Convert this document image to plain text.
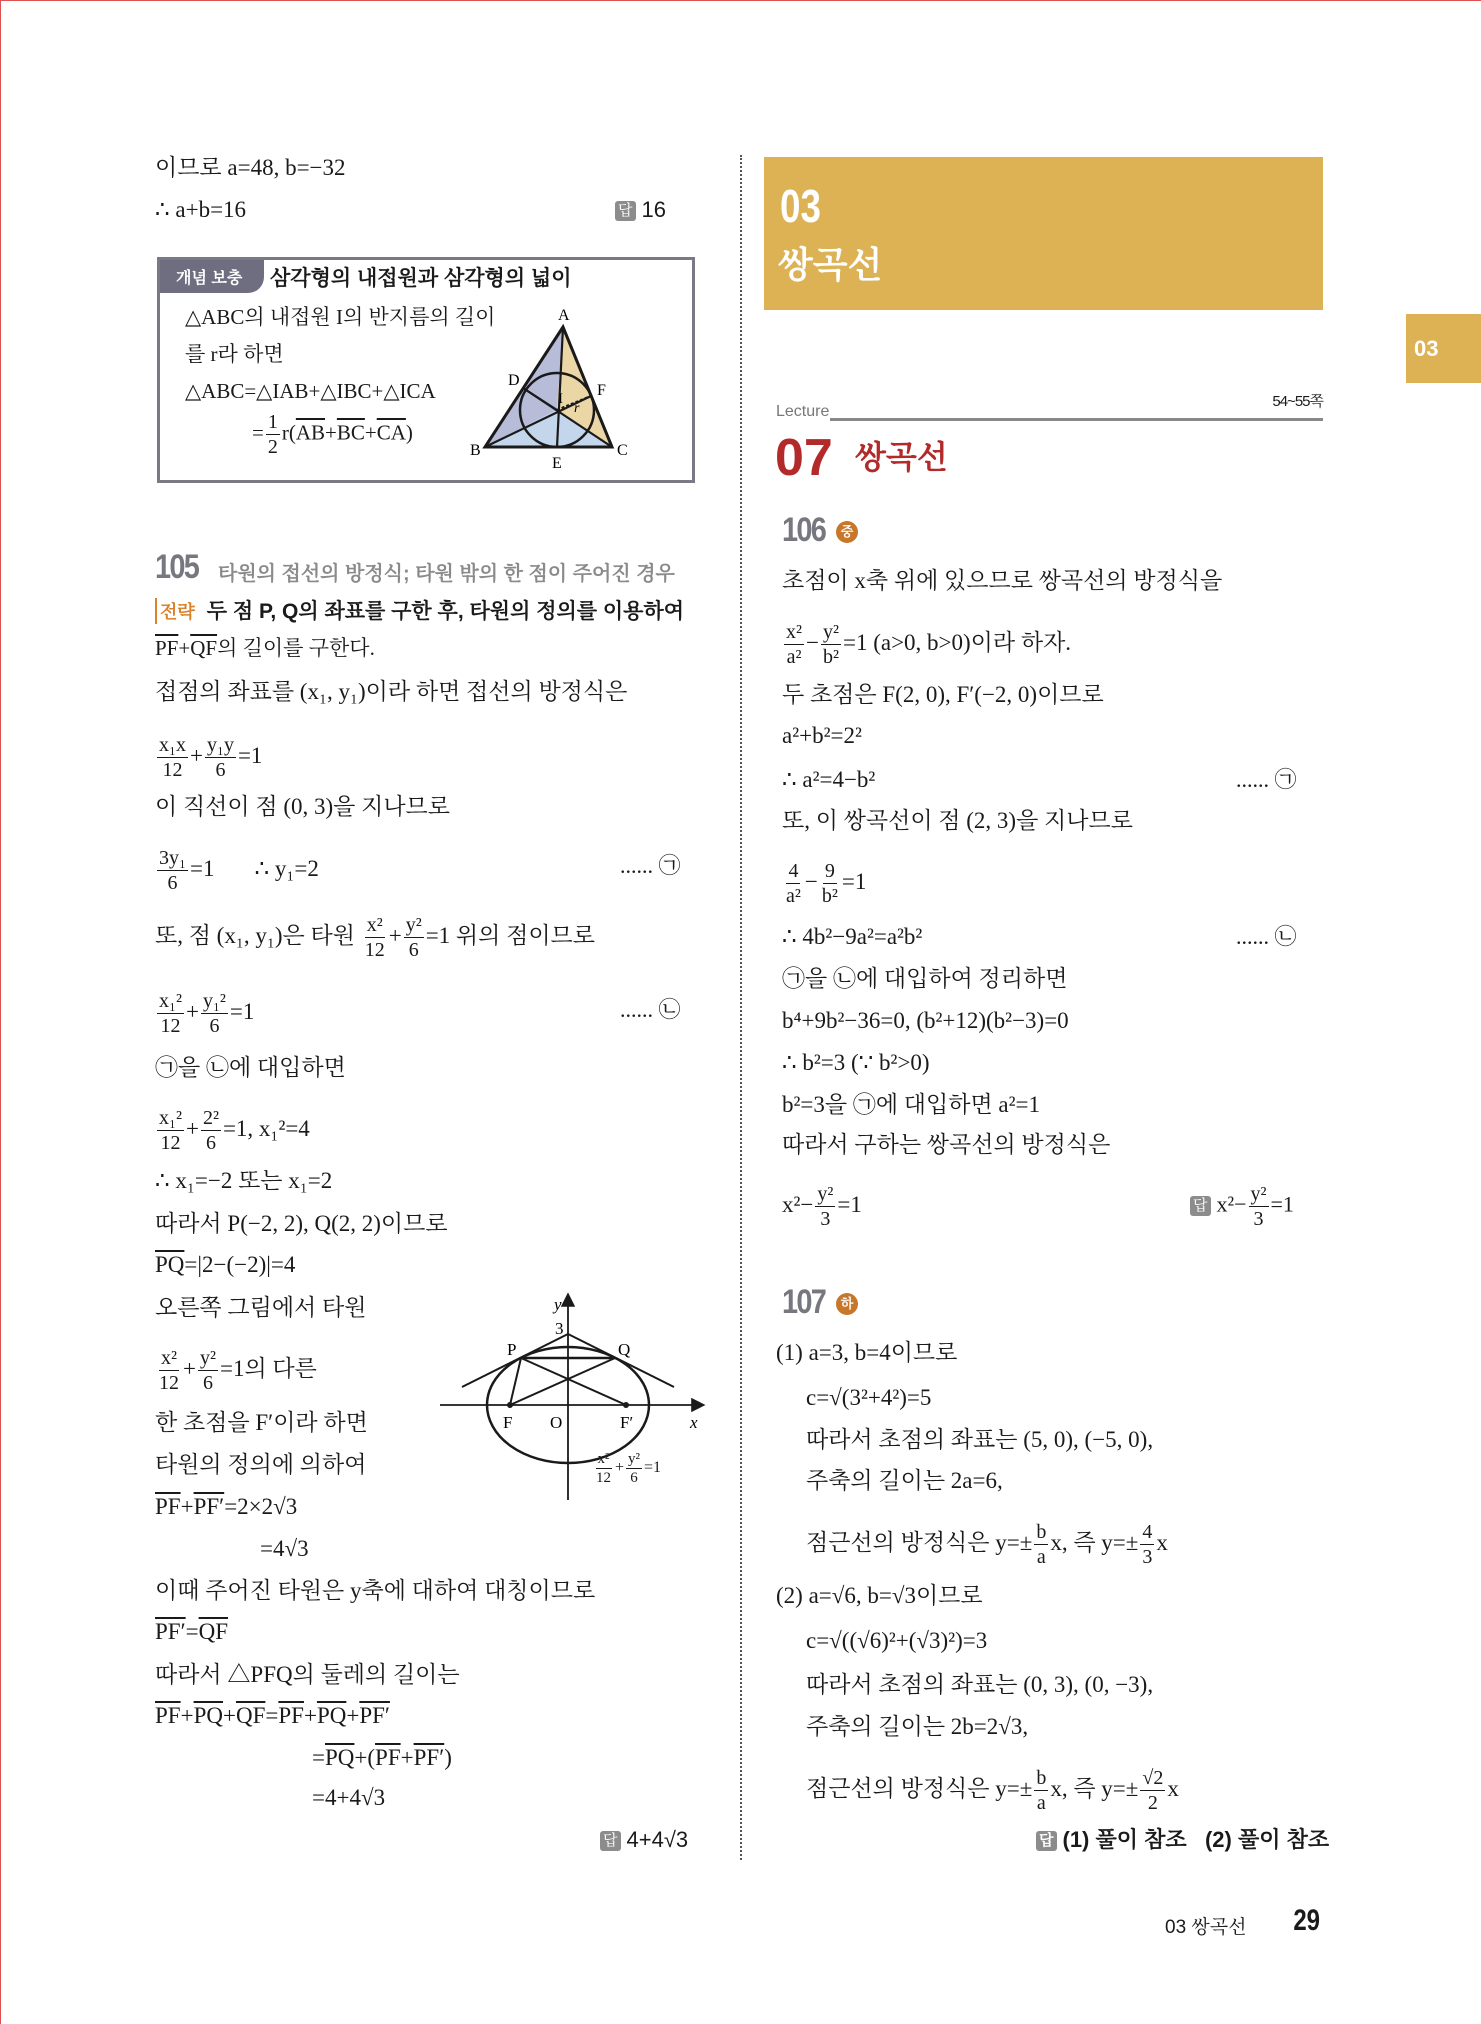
이므로 a=48, b=−32
∴ a+b=16	답 16
개념 보충	삼각형의 내접원과 삼각형의 넓이
△ABC의 내접원 I의 반지름의 길이
를 r라 하면
△ABC=△IAB+△IBC+△ICA
= $\frac{1}{2} r(\overline{AB}+\overline{BC}+\overline{CA})$
A
B	C
D
E
F
I
r
105 타원의 접선의 방정식; 타원 밖의 한 점이 주어진 경우
전략 두 점 P, Q의 좌표를 구한 후, 타원의 정의를 이용하여
$\overline{PF}+\overline{QF}$의 길이를 구한다.
접점의 좌표를 (x₁, y₁)이라 하면 접선의 방정식은
$\frac{\text{x₁x}}{12} + \frac{\text{y₁y}}{6} =1$
이 직선이 점 (0, 3)을 지나므로
$\frac{\text{3y₁}}{6} =1$ ∴ y₁=2	...... ㉠
또, 점 (x₁, y₁)은 타원 $\frac{\text{x²}}{12} + \frac{\text{y²}}{6} =1$ 위의 점이므로
$\frac{\text{x₁²}}{12} + \frac{\text{y₁²}}{6} =1$	...... ㉡
㉠을 ㉡에 대입하면
$\frac{\text{x₁²}}{12} + \frac{\text{2²}}{6} =1$, x₁²=4
∴ x₁=−2 또는 x₁=2
따라서 P(−2, 2), Q(2, 2)이므로
$\overline{PQ}=|2-(-2)|=4$
오른쪽 그림에서 타원
$\frac{\text{x²}}{12} + \frac{\text{y²}}{6} =1$의 다른
한 초점을 F′이라 하면
타원의 정의에 의하여
$\overline{PF}+PF'=2\times 2√3$
=4√3
이때 주어진 타원은 y축에 대하여 대칭이므로
$PF'=\overline{QF}$
따라서 △PFQ의 둘레의 길이는
$\overline{PF}+\overline{PQ}+\overline{QF}=\overline{PF}+\overline{PQ}+PF'$
$=\overline{PQ}+(\overline{PF}+PF')$
=4+4√3
답 4+4√3
y
x
3
P	Q
F O	F′
$\frac{\text{x²}}{12} + \frac{\text{y²}}{6} =1$
03
쌍곡선
03
Lecture
54~55쪽
07 쌍곡선
106	중
초점이 x축 위에 있으므로 쌍곡선의 방정식을
$\frac{\text{x²}}{\text{a²}} - \frac{\text{y²}}{\text{b²}} =1$ (a>0, b>0)이라 하자.
두 초점은 F(2, 0), F′(−2, 0)이므로
a²+b²=2²
∴ a²=4−b²	...... ㉠
또, 이 쌍곡선이 점 (2, 3)을 지나므로
$\frac{4}{\text{a²}} - \frac{9}{\text{b²}} =1$
∴ 4b²−9a²=a²b²	...... ㉡
㉠을 ㉡에 대입하여 정리하면
b⁴+9b²−36=0, (b²+12)(b²−3)=0
∴ b²=3 (∵ b²>0)
b²=3을 ㉠에 대입하면 a²=1
따라서 구하는 쌍곡선의 방정식은
$x^2- \frac{\text{y²}}{3} =1$	답 $x^2- \frac{\text{y²}}{3} =1$
107	하
(1) a=3, b=4이므로
c=√(3²+4²)=5
따라서 초점의 좌표는 (5, 0), (−5, 0),
주축의 길이는 2a=6,
점근선의 방정식은 $y=\pm \frac{b}{a} x$, 즉 $y=\pm \frac{4}{3}$ x
(2) a=√6, b=√3이므로
c=√((√6)²+(√3)²)=3
따라서 초점의 좌표는 (0, 3), (0, −3),
주축의 길이는 2b=2√3,
점근선의 방정식은 $y=\pm \frac{b}{a} x$, 즉 $y=\pm \frac{√2}{2}$ x
답 (1) 풀이 참조   (2) 풀이 참조
03 쌍곡선 29
